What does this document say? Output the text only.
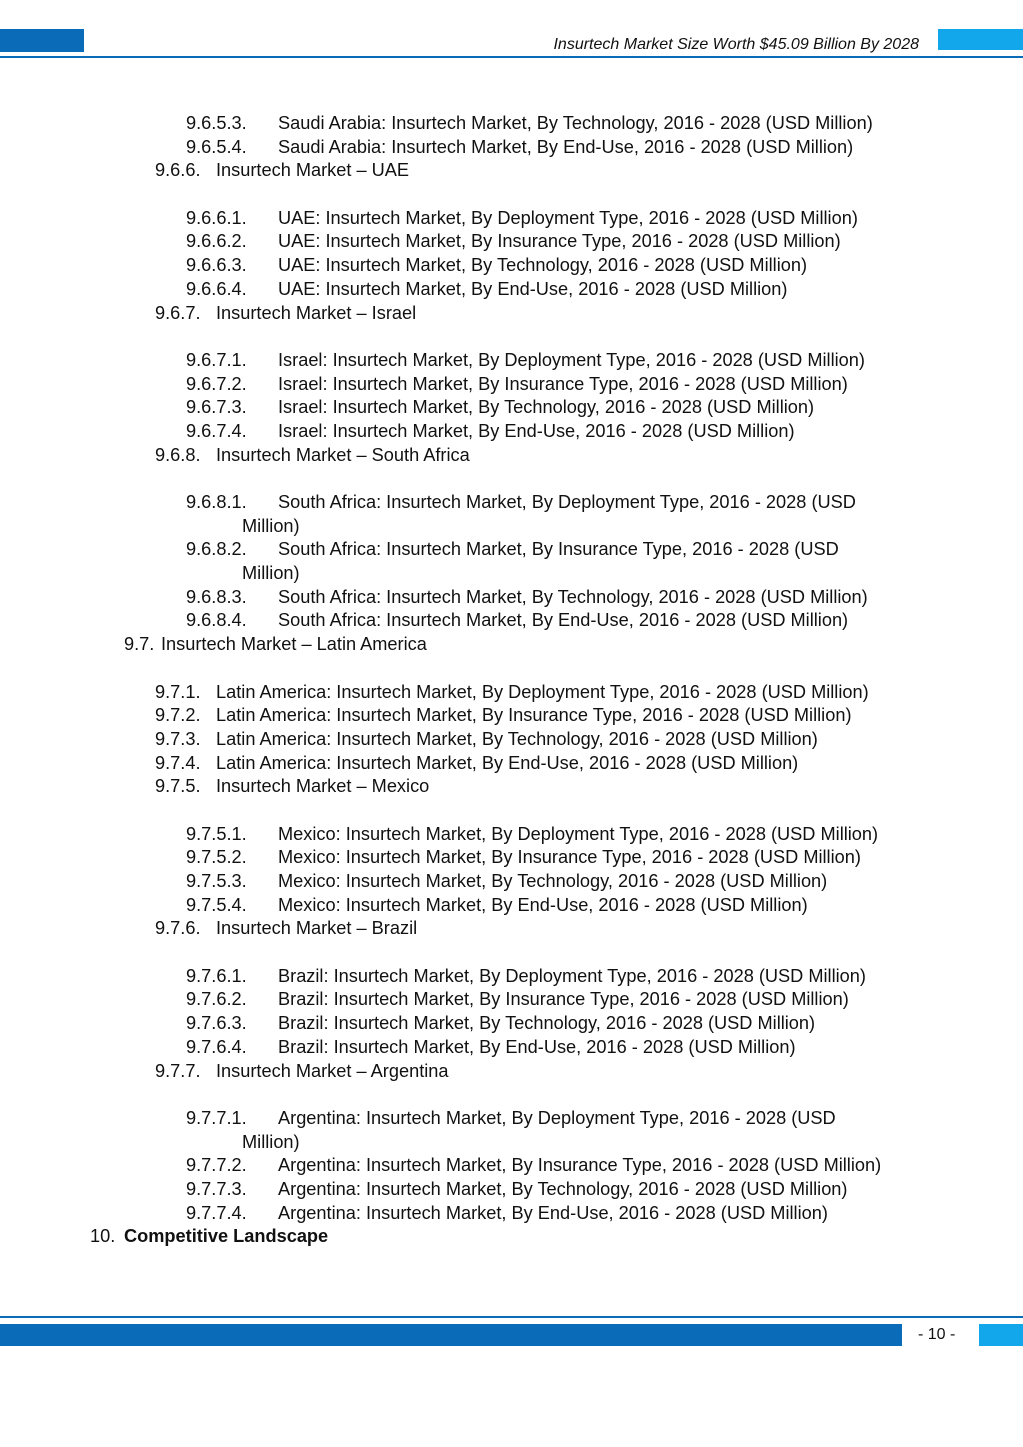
Insurtech Market Size Worth $45.09 Billion By 2028
9.6.5.3. Saudi Arabia: Insurtech Market, By Technology, 2016 - 2028 (USD Million)
9.6.5.4. Saudi Arabia: Insurtech Market, By End-Use, 2016 - 2028 (USD Million)
9.6.6. Insurtech Market – UAE
9.6.6.1. UAE: Insurtech Market, By Deployment Type, 2016 - 2028 (USD Million)
9.6.6.2. UAE: Insurtech Market, By Insurance Type, 2016 - 2028 (USD Million)
9.6.6.3. UAE: Insurtech Market, By Technology, 2016 - 2028 (USD Million)
9.6.6.4. UAE: Insurtech Market, By End-Use, 2016 - 2028 (USD Million)
9.6.7. Insurtech Market – Israel
9.6.7.1. Israel: Insurtech Market, By Deployment Type, 2016 - 2028 (USD Million)
9.6.7.2. Israel: Insurtech Market, By Insurance Type, 2016 - 2028 (USD Million)
9.6.7.3. Israel: Insurtech Market, By Technology, 2016 - 2028 (USD Million)
9.6.7.4. Israel: Insurtech Market, By End-Use, 2016 - 2028 (USD Million)
9.6.8. Insurtech Market – South Africa
9.6.8.1. South Africa: Insurtech Market, By Deployment Type, 2016 - 2028 (USD
Million)
9.6.8.2. South Africa: Insurtech Market, By Insurance Type, 2016 - 2028 (USD
Million)
9.6.8.3. South Africa: Insurtech Market, By Technology, 2016 - 2028 (USD Million)
9.6.8.4. South Africa: Insurtech Market, By End-Use, 2016 - 2028 (USD Million)
9.7. Insurtech Market – Latin America
9.7.1. Latin America: Insurtech Market, By Deployment Type, 2016 - 2028 (USD Million)
9.7.2. Latin America: Insurtech Market, By Insurance Type, 2016 - 2028 (USD Million)
9.7.3. Latin America: Insurtech Market, By Technology, 2016 - 2028 (USD Million)
9.7.4. Latin America: Insurtech Market, By End-Use, 2016 - 2028 (USD Million)
9.7.5. Insurtech Market – Mexico
9.7.5.1. Mexico: Insurtech Market, By Deployment Type, 2016 - 2028 (USD Million)
9.7.5.2. Mexico: Insurtech Market, By Insurance Type, 2016 - 2028 (USD Million)
9.7.5.3. Mexico: Insurtech Market, By Technology, 2016 - 2028 (USD Million)
9.7.5.4. Mexico: Insurtech Market, By End-Use, 2016 - 2028 (USD Million)
9.7.6. Insurtech Market – Brazil
9.7.6.1. Brazil: Insurtech Market, By Deployment Type, 2016 - 2028 (USD Million)
9.7.6.2. Brazil: Insurtech Market, By Insurance Type, 2016 - 2028 (USD Million)
9.7.6.3. Brazil: Insurtech Market, By Technology, 2016 - 2028 (USD Million)
9.7.6.4. Brazil: Insurtech Market, By End-Use, 2016 - 2028 (USD Million)
9.7.7. Insurtech Market – Argentina
9.7.7.1. Argentina: Insurtech Market, By Deployment Type, 2016 - 2028 (USD
Million)
9.7.7.2. Argentina: Insurtech Market, By Insurance Type, 2016 - 2028 (USD Million)
9.7.7.3. Argentina: Insurtech Market, By Technology, 2016 - 2028 (USD Million)
9.7.7.4. Argentina: Insurtech Market, By End-Use, 2016 - 2028 (USD Million)
10. Competitive Landscape
- 10 -
